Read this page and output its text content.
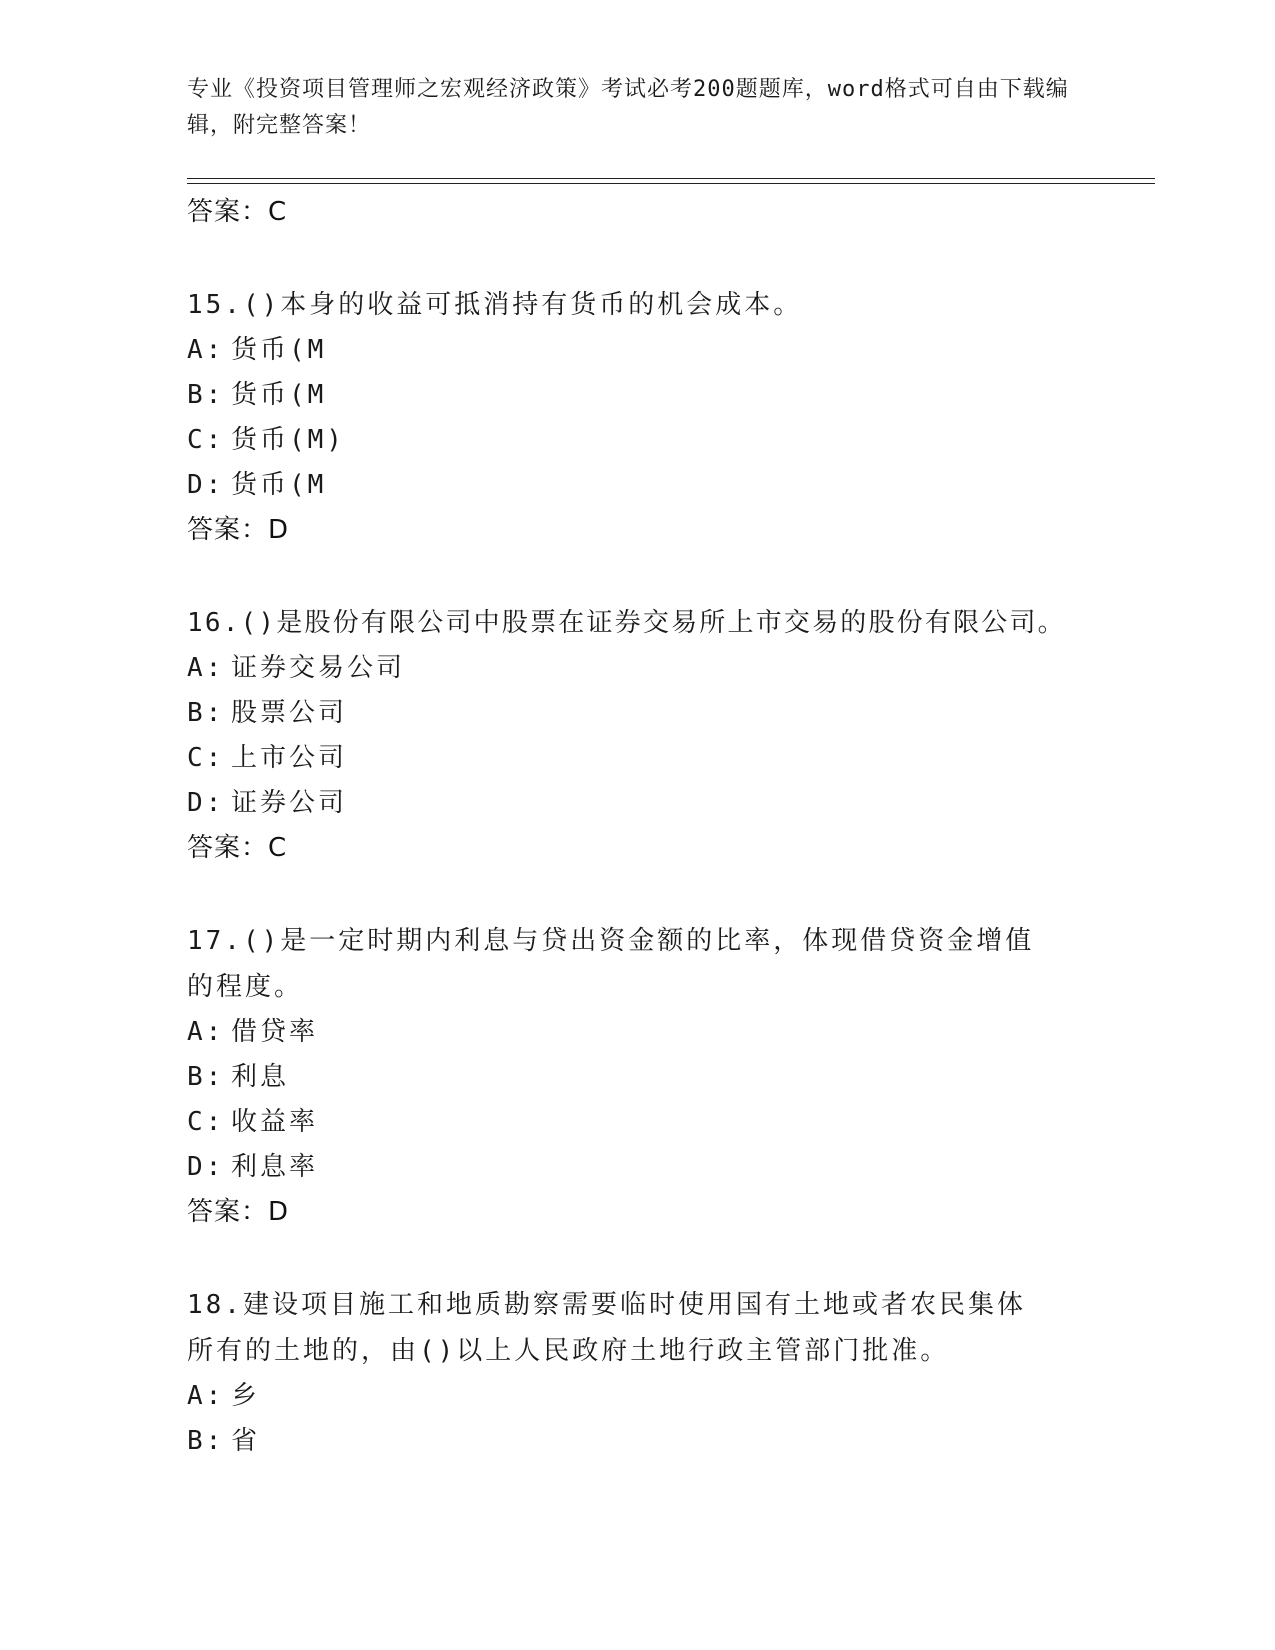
专业《投资项目管理师之宏观经济政策》考试必考200题题库，word格式可自由下载编辑，附完整答案！
答案：C
15.()本身的收益可抵消持有货币的机会成本。
A: 货币(M
B: 货币(M
C: 货币(M)
D: 货币(M
答案：D
16.()是股份有限公司中股票在证券交易所上市交易的股份有限公司。
A: 证券交易公司
B: 股票公司
C: 上市公司
D: 证券公司
答案：C
17.()是一定时期内利息与贷出资金额的比率，体现借贷资金增值的程度。
A: 借贷率
B: 利息
C: 收益率
D: 利息率
答案：D
18.建设项目施工和地质勘察需要临时使用国有土地或者农民集体所有的土地的，由()以上人民政府土地行政主管部门批准。
A: 乡
B: 省
